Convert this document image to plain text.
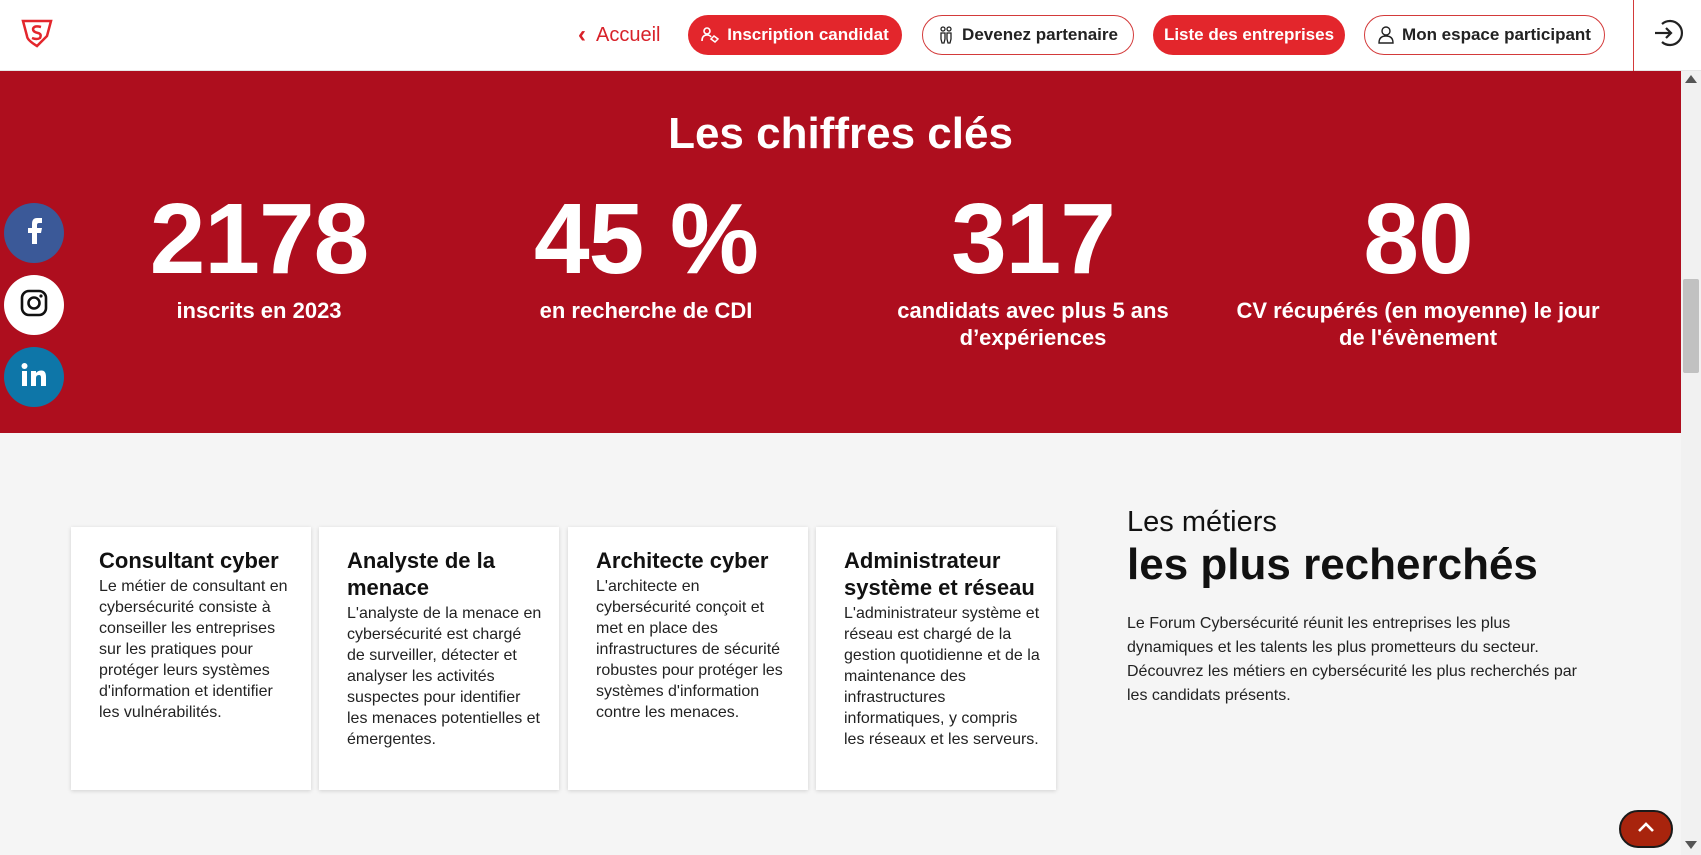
‹ Accueil	Inscription candidat	Devenez partenaire	Liste des entreprises	Mon espace participant
Les chiffres clés
2178
inscrits en 2023
45 %
en recherche de CDI
317
candidats avec plus 5 ans d’expériences
80
CV récupérés (en moyenne) le jour de l'évènement
Consultant cyber
Le métier de consultant en cybersécurité consiste à conseiller les entreprises sur les pratiques pour protéger leurs systèmes d'information et identifier les vulnérabilités.
Analyste de la menace
L'analyste de la menace en cybersécurité est chargé de surveiller, détecter et analyser les activités suspectes pour identifier les menaces potentielles et émergentes.
Architecte cyber
L'architecte en cybersécurité conçoit et met en place des infrastructures de sécurité robustes pour protéger les systèmes d'information contre les menaces.
Administrateur système et réseau
L'administrateur système et réseau est chargé de la gestion quotidienne et de la maintenance des infrastructures informatiques, y compris les réseaux et les serveurs.
Les métiers
les plus recherchés
Le Forum Cybersécurité réunit les entreprises les plus dynamiques et les talents les plus prometteurs du secteur. Découvrez les métiers en cybersécurité les plus recherchés par les candidats présents.
